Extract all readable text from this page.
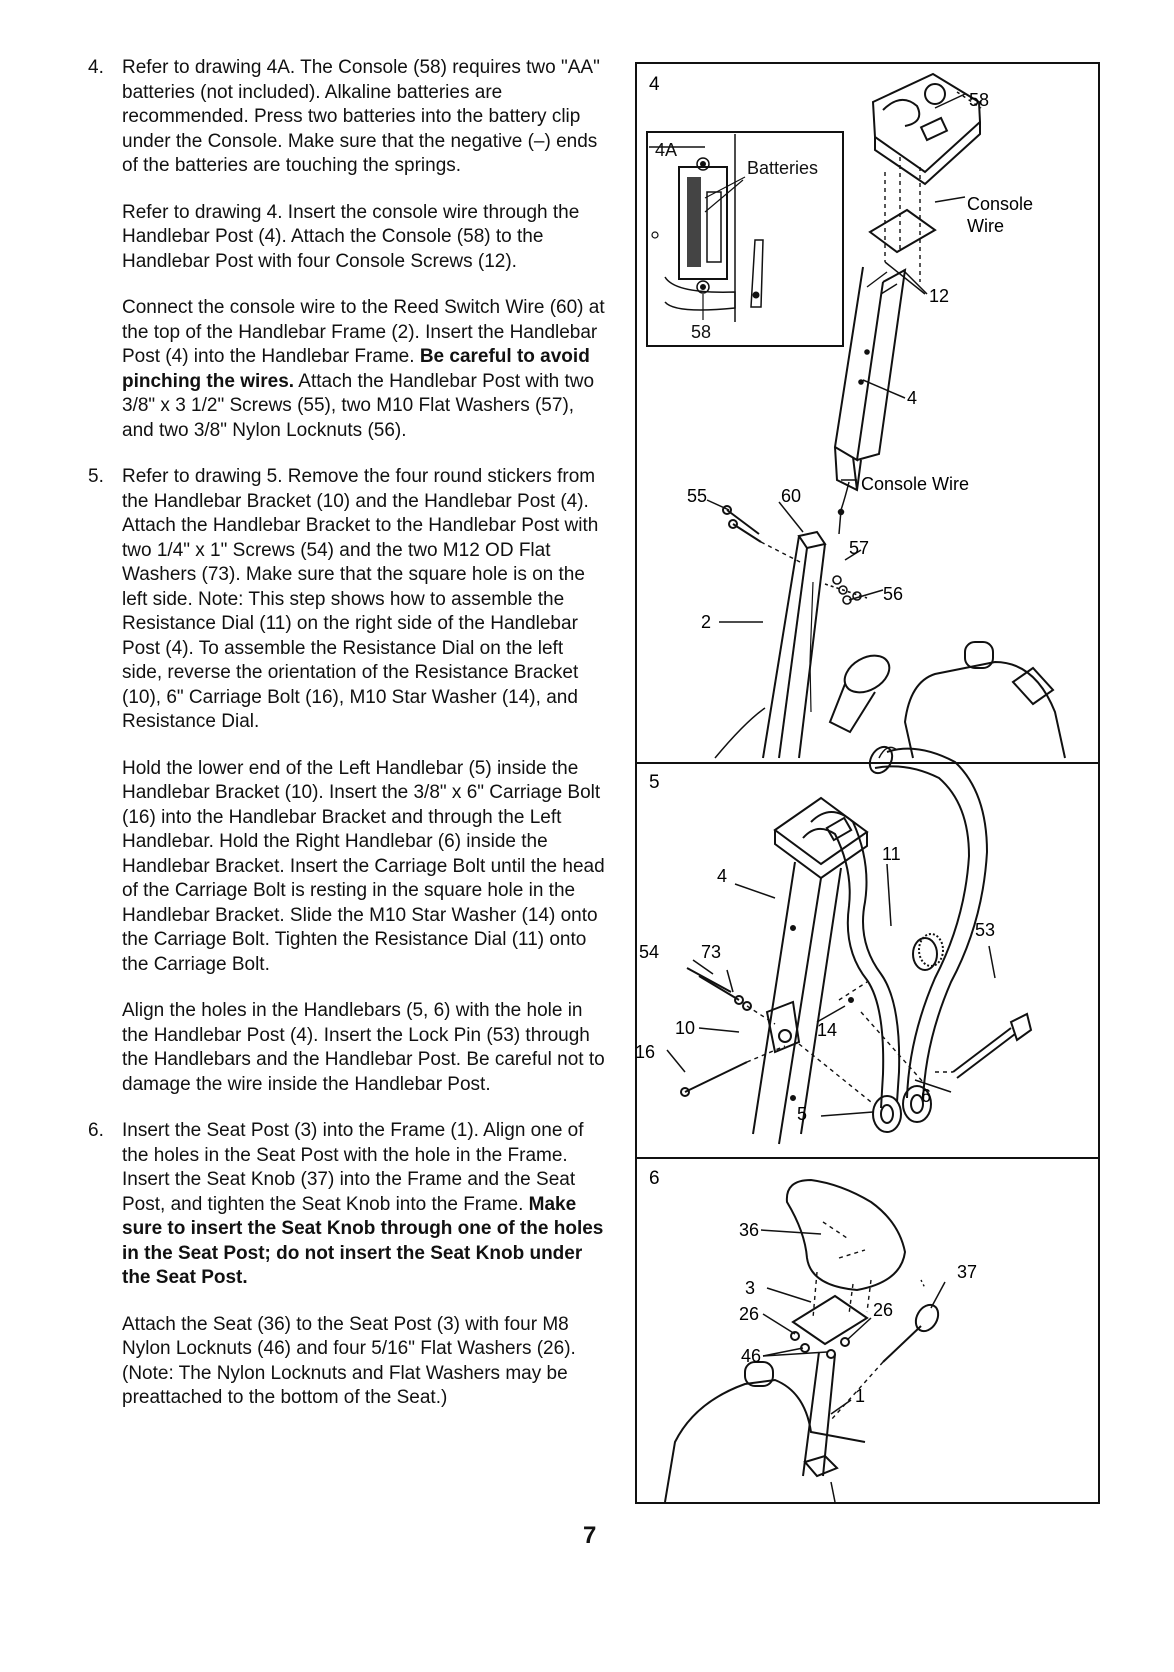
4. Refer to drawing 4A. The Console (58) requires two "AA" batteries (not included). Alkaline batteries are recommended. Press two batteries into the battery clip under the Console. Make sure that the negative (–) ends of the batteries are touching the springs.

Refer to drawing 4. Insert the console wire through the Handlebar Post (4). Attach the Console (58) to the Handlebar Post with four Console Screws (12).

Connect the console wire to the Reed Switch Wire (60) at the top of the Handlebar Frame (2). Insert the Handlebar Post (4) into the Handlebar Frame. Be careful to avoid pinching the wires. Attach the Handlebar Post with two 3/8" x 3 1/2" Screws (55), two M10 Flat Washers (57), and two 3/8" Nylon Locknuts (56).

5. Refer to drawing 5. Remove the four round stickers from the Handlebar Bracket (10) and the Handlebar Post (4). Attach the Handlebar Bracket to the Handlebar Post with two 1/4" x 1" Screws (54) and the two M12 OD Flat Washers (73). Make sure that the square hole is on the left side. Note: This step shows how to assemble the Resistance Dial (11) on the right side of the Handlebar Post (4). To assemble the Resistance Dial on the left side, reverse the orientation of the Resistance Bracket (10), 6" Carriage Bolt (16), M10 Star Washer (14), and Resistance Dial.

Hold the lower end of the Left Handlebar (5) inside the Handlebar Bracket (10). Insert the 3/8" x 6" Carriage Bolt (16) into the Handlebar Bracket and through the Left Handlebar. Hold the Right Handlebar (6) inside the Handlebar Bracket. Insert the Carriage Bolt until the head of the Carriage Bolt is resting in the square hole in the Handlebar Bracket. Slide the M10 Star Washer (14) onto the Carriage Bolt. Tighten the Resistance Dial (11) onto the Carriage Bolt.

Align the holes in the Handlebars (5, 6) with the hole in the Handlebar Post (4). Insert the Lock Pin (53) through the Handlebars and the Handlebar Post. Be careful not to damage the wire inside the Handlebar Post.

6. Insert the Seat Post (3) into the Frame (1). Align one of the holes in the Seat Post with the hole in the Frame. Insert the Seat Knob (37) into the Frame and the Seat Post, and tighten the Seat Knob into the Frame. Make sure to insert the Seat Knob through one of the holes in the Seat Post; do not insert the Seat Knob under the Seat Post.

Attach the Seat (36) to the Seat Post (3) with four M8 Nylon Locknuts (46) and four 5/16" Flat Washers (26). (Note: The Nylon Locknuts and Flat Washers may be preattached to the bottom of the Seat.)

4
4A
Batteries
58
58
Console
Wire
12
4
Console Wire
55	60
57
56
2
5
4
11
54 73
53
10	14
16
6
5
6
36
37
3
26	26
46
1
7
